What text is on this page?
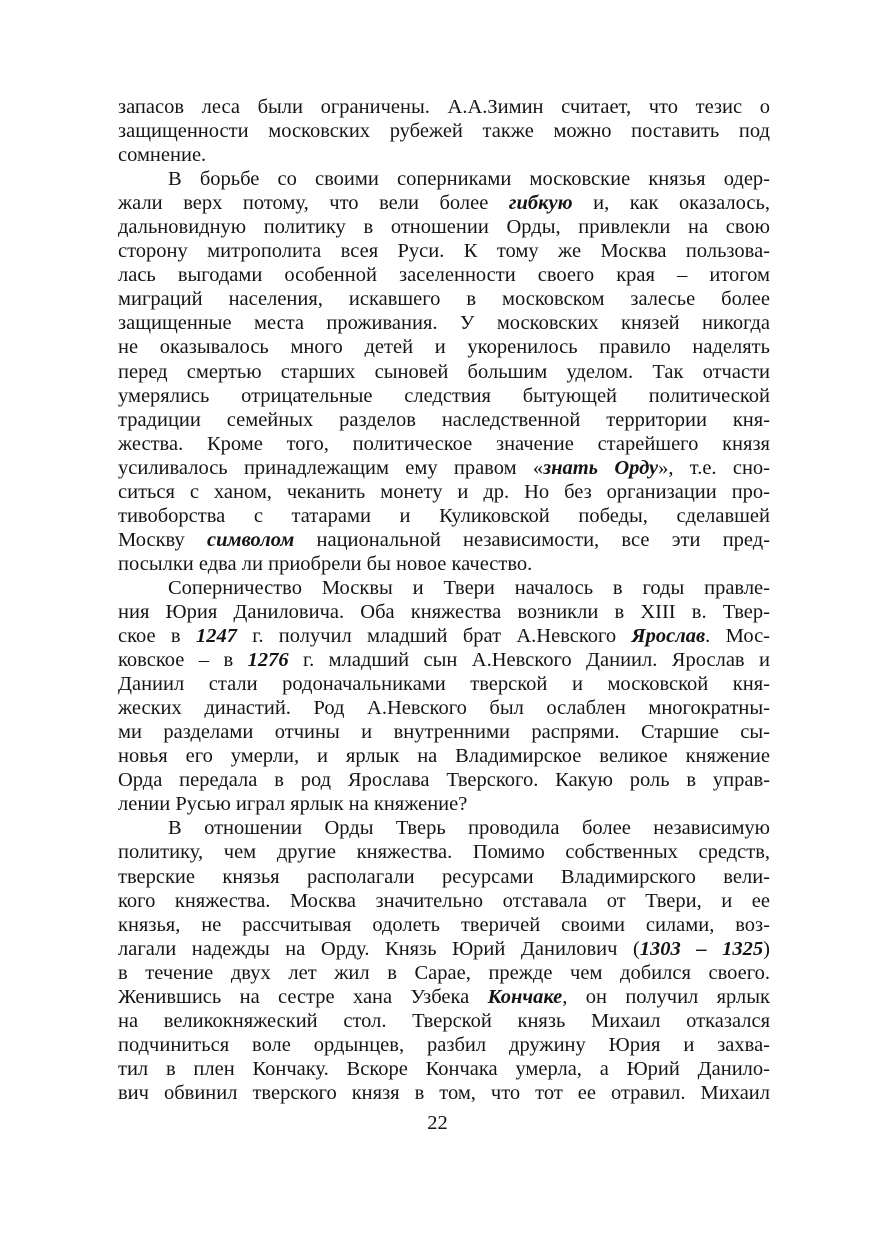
запасов леса были ограничены. А.А.Зимин считает, что тезис о
защищенности московских рубежей также можно поставить под
сомнение.
В борьбе со своими соперниками московские князья одер-
жали верх потому, что вели более гибкую и, как оказалось,
дальновидную политику в отношении Орды, привлекли на свою
сторону митрополита всея Руси. К тому же Москва пользова-
лась выгодами особенной заселенности своего края – итогом
миграций населения, искавшего в московском залесье более
защищенные места проживания. У московских князей никогда
не оказывалось много детей и укоренилось правило наделять
перед смертью старших сыновей большим уделом. Так отчасти
умерялись отрицательные следствия бытующей политической
традиции семейных разделов наследственной территории кня-
жества. Кроме того, политическое значение старейшего князя
усиливалось принадлежащим ему правом «знать Орду», т.е. сно-
ситься с ханом, чеканить монету и др. Но без организации про-
тивоборства с татарами и Куликовской победы, сделавшей
Москву символом национальной независимости, все эти пред-
посылки едва ли приобрели бы новое качество.
Соперничество Москвы и Твери началось в годы правле-
ния Юрия Даниловича. Оба княжества возникли в XIII в. Твер-
ское в 1247 г. получил младший брат А.Невского Ярослав. Мос-
ковское – в 1276 г. младший сын А.Невского Даниил. Ярослав и
Даниил стали родоначальниками тверской и московской кня-
жеских династий. Род А.Невского был ослаблен многократны-
ми разделами отчины и внутренними распрями. Старшие сы-
новья его умерли, и ярлык на Владимирское великое княжение
Орда передала в род Ярослава Тверского. Какую роль в управ-
лении Русью играл ярлык на княжение?
В отношении Орды Тверь проводила более независимую
политику, чем другие княжества. Помимо собственных средств,
тверские князья располагали ресурсами Владимирского вели-
кого княжества. Москва значительно отставала от Твери, и ее
князья, не рассчитывая одолеть тверичей своими силами, воз-
лагали надежды на Орду. Князь Юрий Данилович (1303 – 1325)
в течение двух лет жил в Сарае, прежде чем добился своего.
Женившись на сестре хана Узбека Кончаке, он получил ярлык
на великокняжеский стол. Тверской князь Михаил отказался
подчиниться воле ордынцев, разбил дружину Юрия и захва-
тил в плен Кончаку. Вскоре Кончака умерла, а Юрий Данило-
вич обвинил тверского князя в том, что тот ее отравил. Михаил
22
